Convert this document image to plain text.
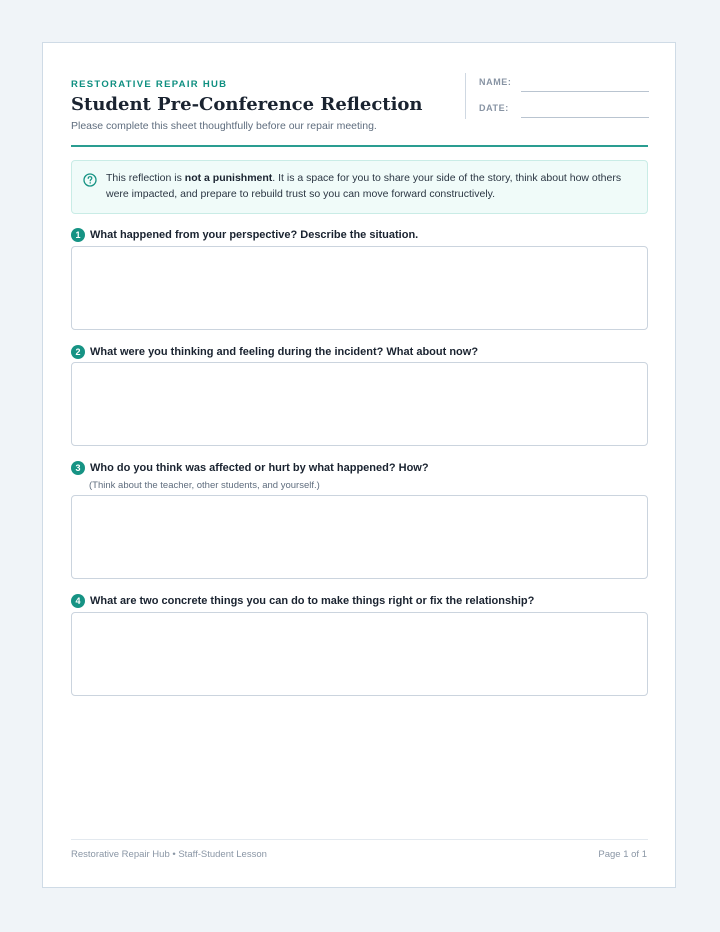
RESTORATIVE REPAIR HUB
Student Pre-Conference Reflection
Please complete this sheet thoughtfully before our repair meeting.
NAME:
DATE:
This reflection is not a punishment. It is a space for you to share your side of the story, think about how others were impacted, and prepare to rebuild trust so you can move forward constructively.
1 What happened from your perspective? Describe the situation.
2 What were you thinking and feeling during the incident? What about now?
3 Who do you think was affected or hurt by what happened? How?
(Think about the teacher, other students, and yourself.)
4 What are two concrete things you can do to make things right or fix the relationship?
Restorative Repair Hub • Staff-Student Lesson	Page 1 of 1
